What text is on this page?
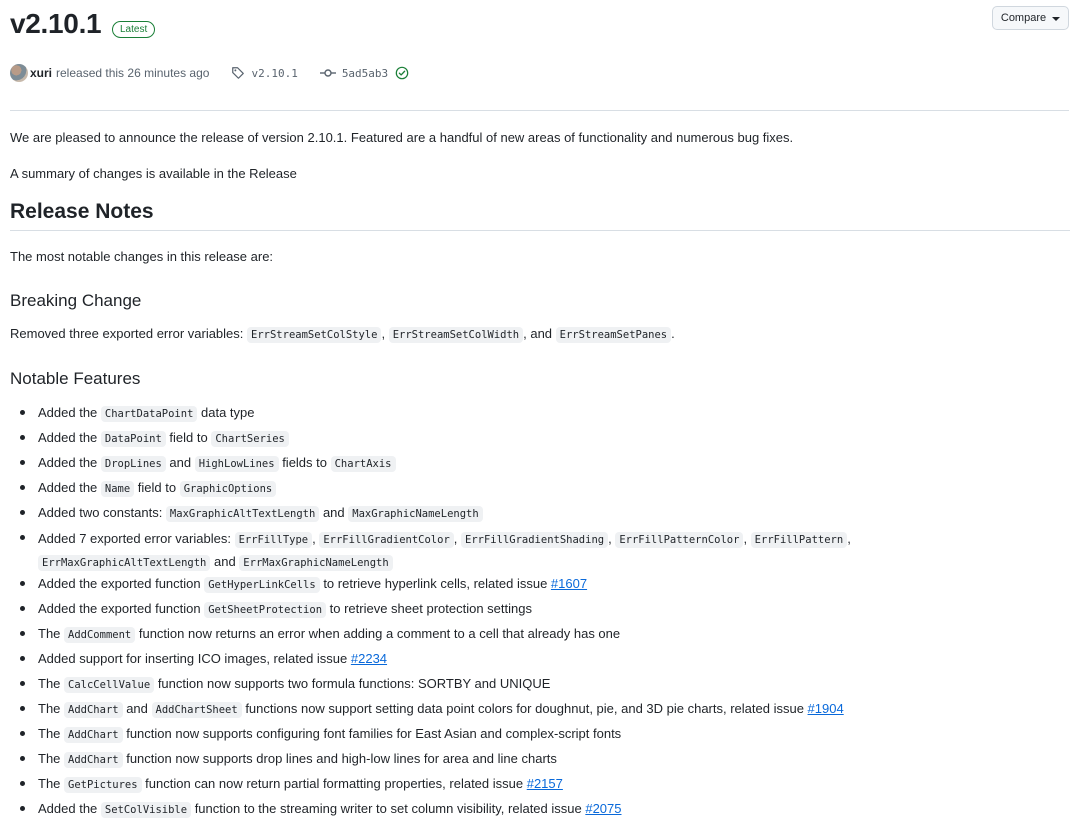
v2.10.1	Latest
Compare
xuri released this 26 minutes ago	v2.10.1	5ad5ab3

We are pleased to announce the release of version 2.10.1. Featured are a handful of new areas of functionality and numerous bug fixes.

A summary of changes is available in the Release

Release Notes

The most notable changes in this release are:

Breaking Change

Removed three exported error variables: ErrStreamSetColStyle , ErrStreamSetColWidth , and ErrStreamSetPanes .

Notable Features
Added the ChartDataPoint data type
Added the DataPoint field to ChartSeries
Added the DropLines and HighLowLines fields to ChartAxis
Added the Name field to GraphicOptions
Added two constants: MaxGraphicAltTextLength and MaxGraphicNameLength
Added 7 exported error variables: ErrFillType , ErrFillGradientColor , ErrFillGradientShading , ErrFillPatternColor , ErrFillPattern ,
ErrMaxGraphicAltTextLength and ErrMaxGraphicNameLength
Added the exported function GetHyperLinkCells to retrieve hyperlink cells, related issue #1607
Added the exported function GetSheetProtection to retrieve sheet protection settings
The AddComment function now returns an error when adding a comment to a cell that already has one
Added support for inserting ICO images, related issue #2234
The CalcCellValue function now supports two formula functions: SORTBY and UNIQUE
The AddChart and AddChartSheet functions now support setting data point colors for doughnut, pie, and 3D pie charts, related issue #1904
The AddChart function now supports configuring font families for East Asian and complex-script fonts
The AddChart function now supports drop lines and high-low lines for area and line charts
The GetPictures function can now return partial formatting properties, related issue #2157
Added the SetColVisible function to the streaming writer to set column visibility, related issue #2075
